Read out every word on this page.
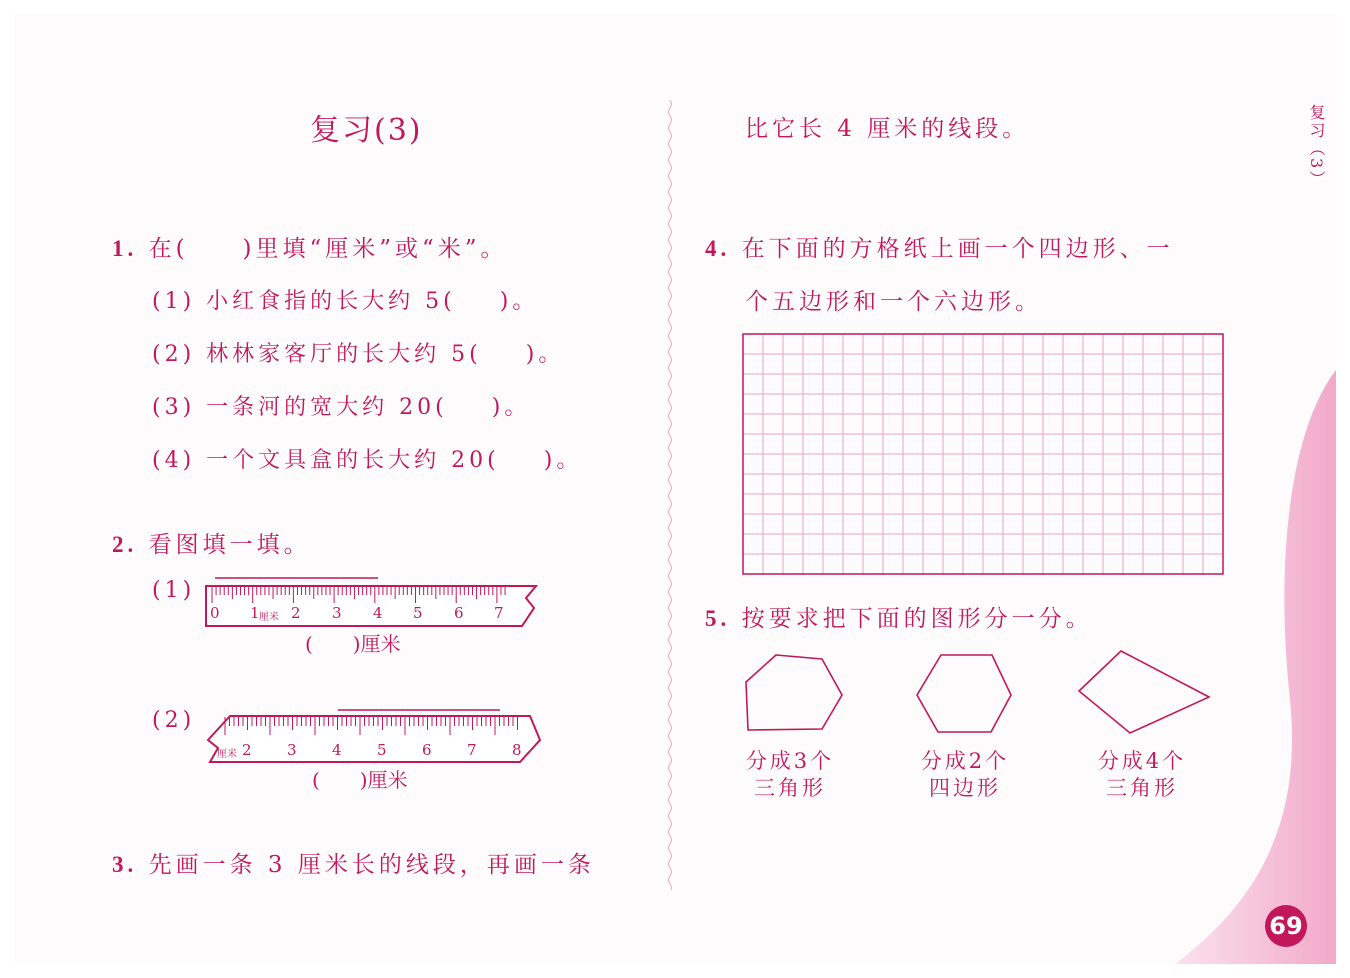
复习(3)
1. 在(　　)里填“厘米”或“米”。
(1) 小红食指的长大约 5( )。
(2) 林林家客厅的长大约 5( )。
(3) 一条河的宽大约 20( )。
(4) 一个文具盒的长大约 20( )。
2. 看图填一填。
(1)
0 1 厘米 2 3 4 5 6 7
(　　)厘米
(2)
厘米 2 3 4 5 6 7 8
(　　)厘米
3. 先画一条 3 厘米长的线段，再画一条
比它长 4 厘米的线段。
4. 在下面的方格纸上画一个四边形、一
个五边形和一个六边形。
5. 按要求把下面的图形分一分。
分成3个
三角形
分成2个
四边形
分成4个
三角形
复习（3）
69
